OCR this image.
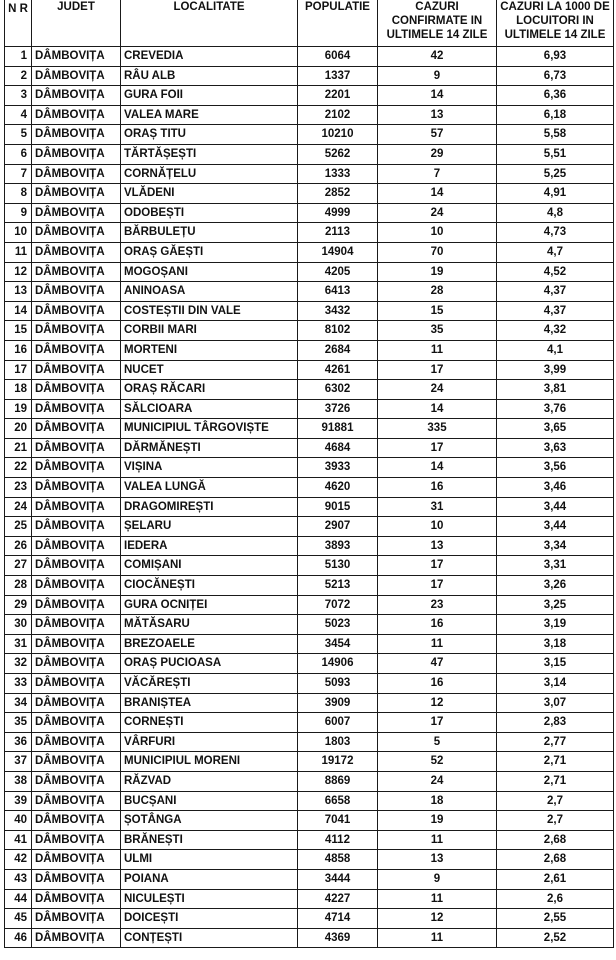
N R	JUDET	LOCALITATE	POPULATIE	CAZURI CONFIRMATE IN ULTIMELE 14 ZILE	CAZURI LA 1000 DE LOCUITORI IN ULTIMELE 14 ZILE

1	DÂMBOVIȚA	CREVEDIA	6064	42	6,93
2	DÂMBOVIȚA	RÂU ALB	1337	9	6,73
3	DÂMBOVIȚA	GURA FOII	2201	14	6,36
4	DÂMBOVIȚA	VALEA MARE	2102	13	6,18
5	DÂMBOVIȚA	ORAȘ TITU	10210	57	5,58
6	DÂMBOVIȚA	TĂRTĂȘEȘTI	5262	29	5,51
7	DÂMBOVIȚA	CORNĂȚELU	1333	7	5,25
8	DÂMBOVIȚA	VLĂDENI	2852	14	4,91
9	DÂMBOVIȚA	ODOBEȘTI	4999	24	4,8
10	DÂMBOVIȚA	BĂRBULEȚU	2113	10	4,73
11	DÂMBOVIȚA	ORAȘ GĂEȘTI	14904	70	4,7
12	DÂMBOVIȚA	MOGOȘANI	4205	19	4,52
13	DÂMBOVIȚA	ANINOASA	6413	28	4,37
14	DÂMBOVIȚA	COSTEȘTII DIN VALE	3432	15	4,37
15	DÂMBOVIȚA	CORBII MARI	8102	35	4,32
16	DÂMBOVIȚA	MORTENI	2684	11	4,1
17	DÂMBOVIȚA	NUCET	4261	17	3,99
18	DÂMBOVIȚA	ORAȘ RĂCARI	6302	24	3,81
19	DÂMBOVIȚA	SĂLCIOARA	3726	14	3,76
20	DÂMBOVIȚA	MUNICIPIUL TÂRGOVIȘTE	91881	335	3,65
21	DÂMBOVIȚA	DĂRMĂNEȘTI	4684	17	3,63
22	DÂMBOVIȚA	VIȘINA	3933	14	3,56
23	DÂMBOVIȚA	VALEA LUNGĂ	4620	16	3,46
24	DÂMBOVIȚA	DRAGOMIREȘTI	9015	31	3,44
25	DÂMBOVIȚA	ȘELARU	2907	10	3,44
26	DÂMBOVIȚA	IEDERA	3893	13	3,34
27	DÂMBOVIȚA	COMIȘANI	5130	17	3,31
28	DÂMBOVIȚA	CIOCĂNEȘTI	5213	17	3,26
29	DÂMBOVIȚA	GURA OCNIȚEI	7072	23	3,25
30	DÂMBOVIȚA	MĂTĂSARU	5023	16	3,19
31	DÂMBOVIȚA	BREZOAELE	3454	11	3,18
32	DÂMBOVIȚA	ORAȘ PUCIOASA	14906	47	3,15
33	DÂMBOVIȚA	VĂCĂREȘTI	5093	16	3,14
34	DÂMBOVIȚA	BRANIȘTEA	3909	12	3,07
35	DÂMBOVIȚA	CORNEȘTI	6007	17	2,83
36	DÂMBOVIȚA	VÂRFURI	1803	5	2,77
37	DÂMBOVIȚA	MUNICIPIUL MORENI	19172	52	2,71
38	DÂMBOVIȚA	RĂZVAD	8869	24	2,71
39	DÂMBOVIȚA	BUCȘANI	6658	18	2,7
40	DÂMBOVIȚA	ȘOTÂNGA	7041	19	2,7
41	DÂMBOVIȚA	BRĂNEȘTI	4112	11	2,68
42	DÂMBOVIȚA	ULMI	4858	13	2,68
43	DÂMBOVIȚA	POIANA	3444	9	2,61
44	DÂMBOVIȚA	NICULEȘTI	4227	11	2,6
45	DÂMBOVIȚA	DOICEȘTI	4714	12	2,55
46	DÂMBOVIȚA	CONȚEȘTI	4369	11	2,52
